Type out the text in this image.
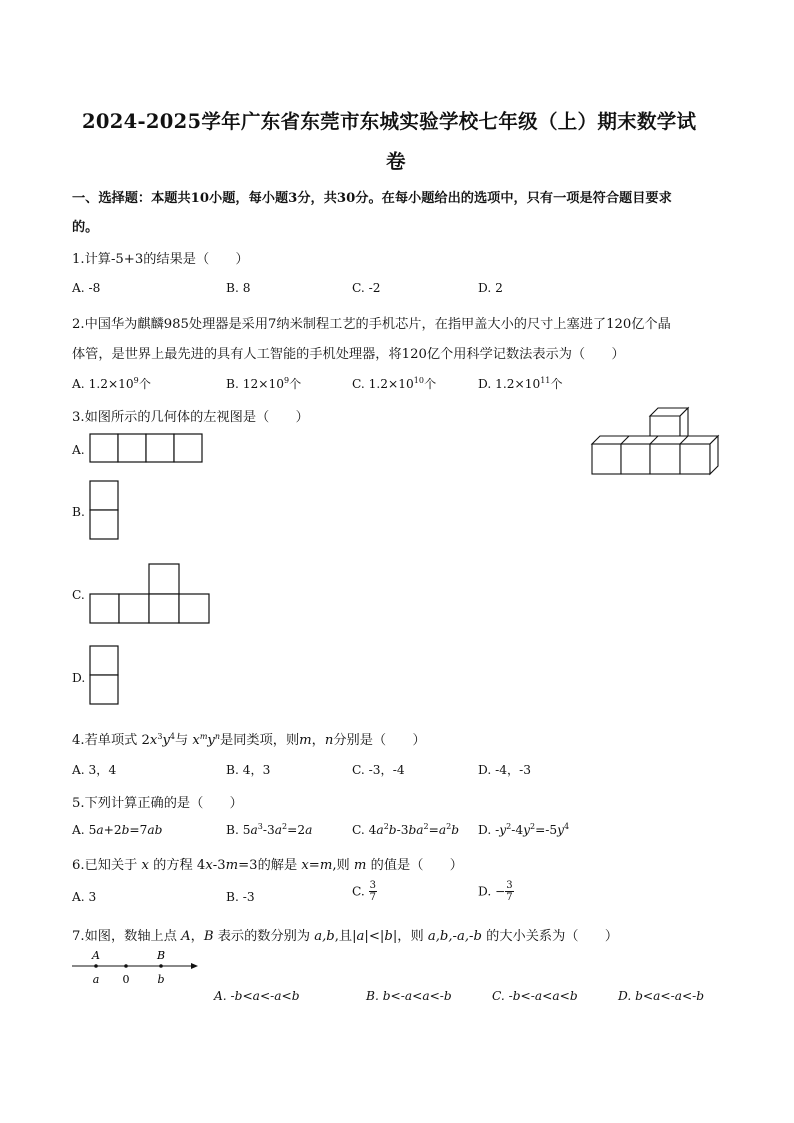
2024-2025学年广东省东莞市东城实验学校七年级（上）期末数学试
卷
一、选择题：本题共10小题，每小题3分，共30分。在每小题给出的选项中，只有一项是符合题目要求
的。
1.计算-5+3的结果是（　　）
A. -8	B. 8	C. -2	D. 2
2.中国华为麒麟985处理器是采用7纳米制程工艺的手机芯片，在指甲盖大小的尺寸上塞进了120亿个晶
体管，是世界上最先进的具有人工智能的手机处理器，将120亿个用科学记数法表示为（　　）
A. $1.2\times 10^9$个	B. $12\times 10^9$个	C. $1.2\times 10^{10}$个	D. $1.2\times 10^{11}$个
3.如图所示的几何体的左视图是（　　）
A.
B.
C.
D.
4.若单项式 $2x^3y^4$与 $x^my^n$是同类项，则m，n分别是（　　）
A. 3，4	B. 4，3	C. -3，-4	D. -4，-3
5.下列计算正确的是（　　）
A. 5a+2b=7ab	B. $5a^3-3a^2=2a$	C. $4a^2b-3ba^2=a^2b$ D. $-y^2-4y^2=-5y^4$
6.已知关于 x 的方程 4x-3m=3的解是 x=m,则 m 的值是（　　）
A. 3	B. -3	C. $\frac{3}{7}$	D. − $\frac{3}{7}$
7.如图，数轴上点 A，B 表示的数分别为 a,b,且|a|<|b|，则 a,b,-a,-b 的大小关系为（　　）
A	B
a 0	b
A. -b<a<-a<b	B. b<-a<a<-b	C. -b<-a<a<b	D. b<a<-a<-b
